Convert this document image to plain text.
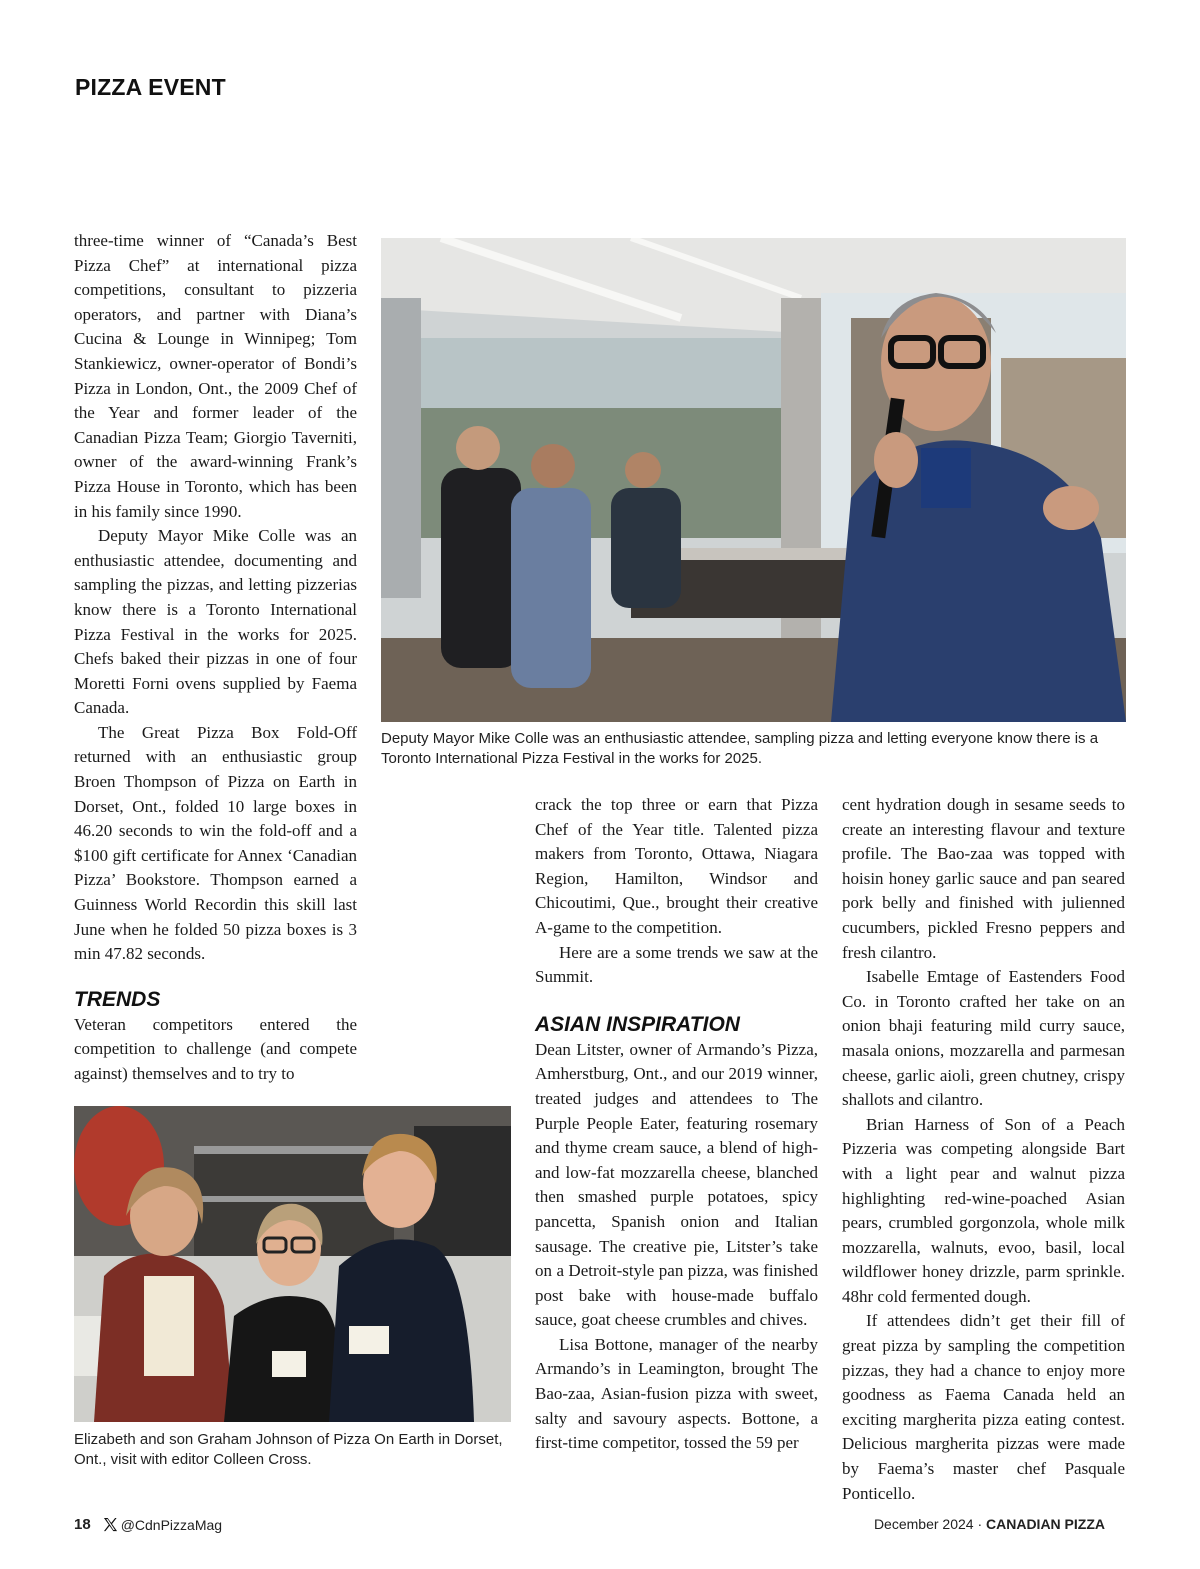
PIZZA EVENT

three-time winner of “Canada’s Best Pizza Chef” at international pizza competitions, consultant to pizzeria operators, and partner with Diana’s Cucina & Lounge in Winnipeg; Tom Stankiewicz, owner-operator of Bondi’s Pizza in London, Ont., the 2009 Chef of the Year and former leader of the Canadian Pizza Team; Giorgio Taverniti, owner of the award-winning Frank’s Pizza House in Toronto, which has been in his family since 1990.

Deputy Mayor Mike Colle was an enthusiastic attendee, documenting and sampling the pizzas, and letting pizzerias know there is a Toronto International Pizza Festival in the works for 2025. Chefs baked their pizzas in one of four Moretti Forni ovens supplied by Faema Canada.

The Great Pizza Box Fold-Off returned with an enthusiastic group Broen Thompson of Pizza on Earth in Dorset, Ont., folded 10 large boxes in 46.20 seconds to win the fold-off and a $100 gift certificate for Annex ‘Canadian Pizza’ Bookstore. Thompson earned a Guinness World Recordin this skill last June when he folded 50 pizza boxes is 3 min 47.82 seconds.

TRENDS

Veteran competitors entered the competition to challenge (and compete against) themselves and to try to

Deputy Mayor Mike Colle was an enthusiastic attendee, sampling pizza and letting everyone know there is a Toronto International Pizza Festival in the works for 2025.

crack the top three or earn that Pizza Chef of the Year title. Talented pizza makers from Toronto, Ottawa, Niagara Region, Hamilton, Windsor and Chicoutimi, Que., brought their creative A-game to the competition.

Here are a some trends we saw at the Summit.

ASIAN INSPIRATION

Dean Litster, owner of Armando’s Pizza, Amherstburg, Ont., and our 2019 winner, treated judges and attendees to The Purple People Eater, featuring rosemary and thyme cream sauce, a blend of high- and low-fat mozzarella cheese, blanched then smashed purple potatoes, spicy pancetta, Spanish onion and Italian sausage. The creative pie, Litster’s take on a Detroit-style pan pizza, was finished post bake with house-made buffalo sauce, goat cheese crumbles and chives.

Lisa Bottone, manager of the nearby Armando’s in Leamington, brought The Bao-zaa, Asian-fusion pizza with sweet, salty and savoury aspects. Bottone, a first-time competitor, tossed the 59 per

cent hydration dough in sesame seeds to create an interesting flavour and texture profile. The Bao-zaa was topped with hoisin honey garlic sauce and pan seared pork belly and finished with julienned cucumbers, pickled Fresno peppers and fresh cilantro.

Isabelle Emtage of Eastenders Food Co. in Toronto crafted her take on an onion bhaji featuring mild curry sauce, masala onions, mozzarella and parmesan cheese, garlic aioli, green chutney, crispy shallots and cilantro.

Brian Harness of Son of a Peach Pizzeria was competing alongside Bart with a light pear and walnut pizza highlighting red-wine-poached Asian pears, crumbled gorgonzola, whole milk mozzarella, walnuts, evoo, basil, local wildflower honey drizzle, parm sprinkle. 48hr cold fermented dough.

If attendees didn’t get their fill of great pizza by sampling the competition pizzas, they had a chance to enjoy more goodness as Faema Canada held an exciting margherita pizza eating contest. Delicious margherita pizzas were made by Faema’s master chef Pasquale Ponticello.

Elizabeth and son Graham Johnson of Pizza On Earth in Dorset, Ont., visit with editor Colleen Cross.

18 @CdnPizzaMag	December 2024 · CANADIAN PIZZA
